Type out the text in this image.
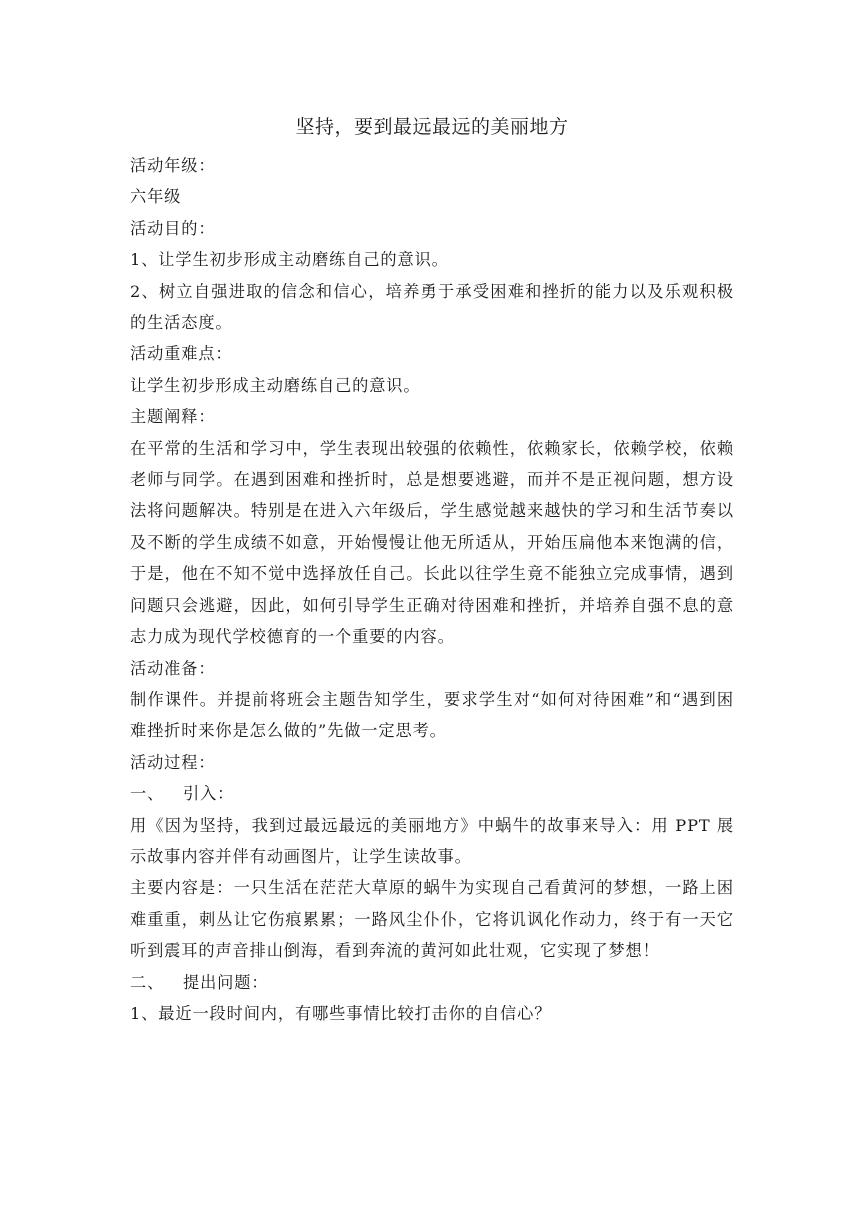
坚持，要到最远最远的美丽地方

活动年级：

六年级

活动目的：

1、让学生初步形成主动磨练自己的意识。

2、树立自强进取的信念和信心，培养勇于承受困难和挫折的能力以及乐观积极的生活态度。

活动重难点：

让学生初步形成主动磨练自己的意识。

主题阐释：

在平常的生活和学习中，学生表现出较强的依赖性，依赖家长，依赖学校，依赖老师与同学。在遇到困难和挫折时，总是想要逃避，而并不是正视问题，想方设法将问题解决。特别是在进入六年级后，学生感觉越来越快的学习和生活节奏以及不断的学生成绩不如意，开始慢慢让他无所适从，开始压扁他本来饱满的信，于是，他在不知不觉中选择放任自己。长此以往学生竟不能独立完成事情，遇到问题只会逃避，因此，如何引导学生正确对待困难和挫折，并培养自强不息的意志力成为现代学校德育的一个重要的内容。

活动准备：

制作课件。并提前将班会主题告知学生，要求学生对“如何对待困难”和“遇到困难挫折时来你是怎么做的”先做一定思考。

活动过程：

一、	引入：

用《因为坚持，我到过最远最远的美丽地方》中蜗牛的故事来导入：用 PPT 展示故事内容并伴有动画图片，让学生读故事。

主要内容是：一只生活在茫茫大草原的蜗牛为实现自己看黄河的梦想，一路上困难重重，刺丛让它伤痕累累；一路风尘仆仆，它将讥讽化作动力，终于有一天它听到震耳的声音排山倒海，看到奔流的黄河如此壮观，它实现了梦想！

二、	提出问题：

1、最近一段时间内，有哪些事情比较打击你的自信心？
